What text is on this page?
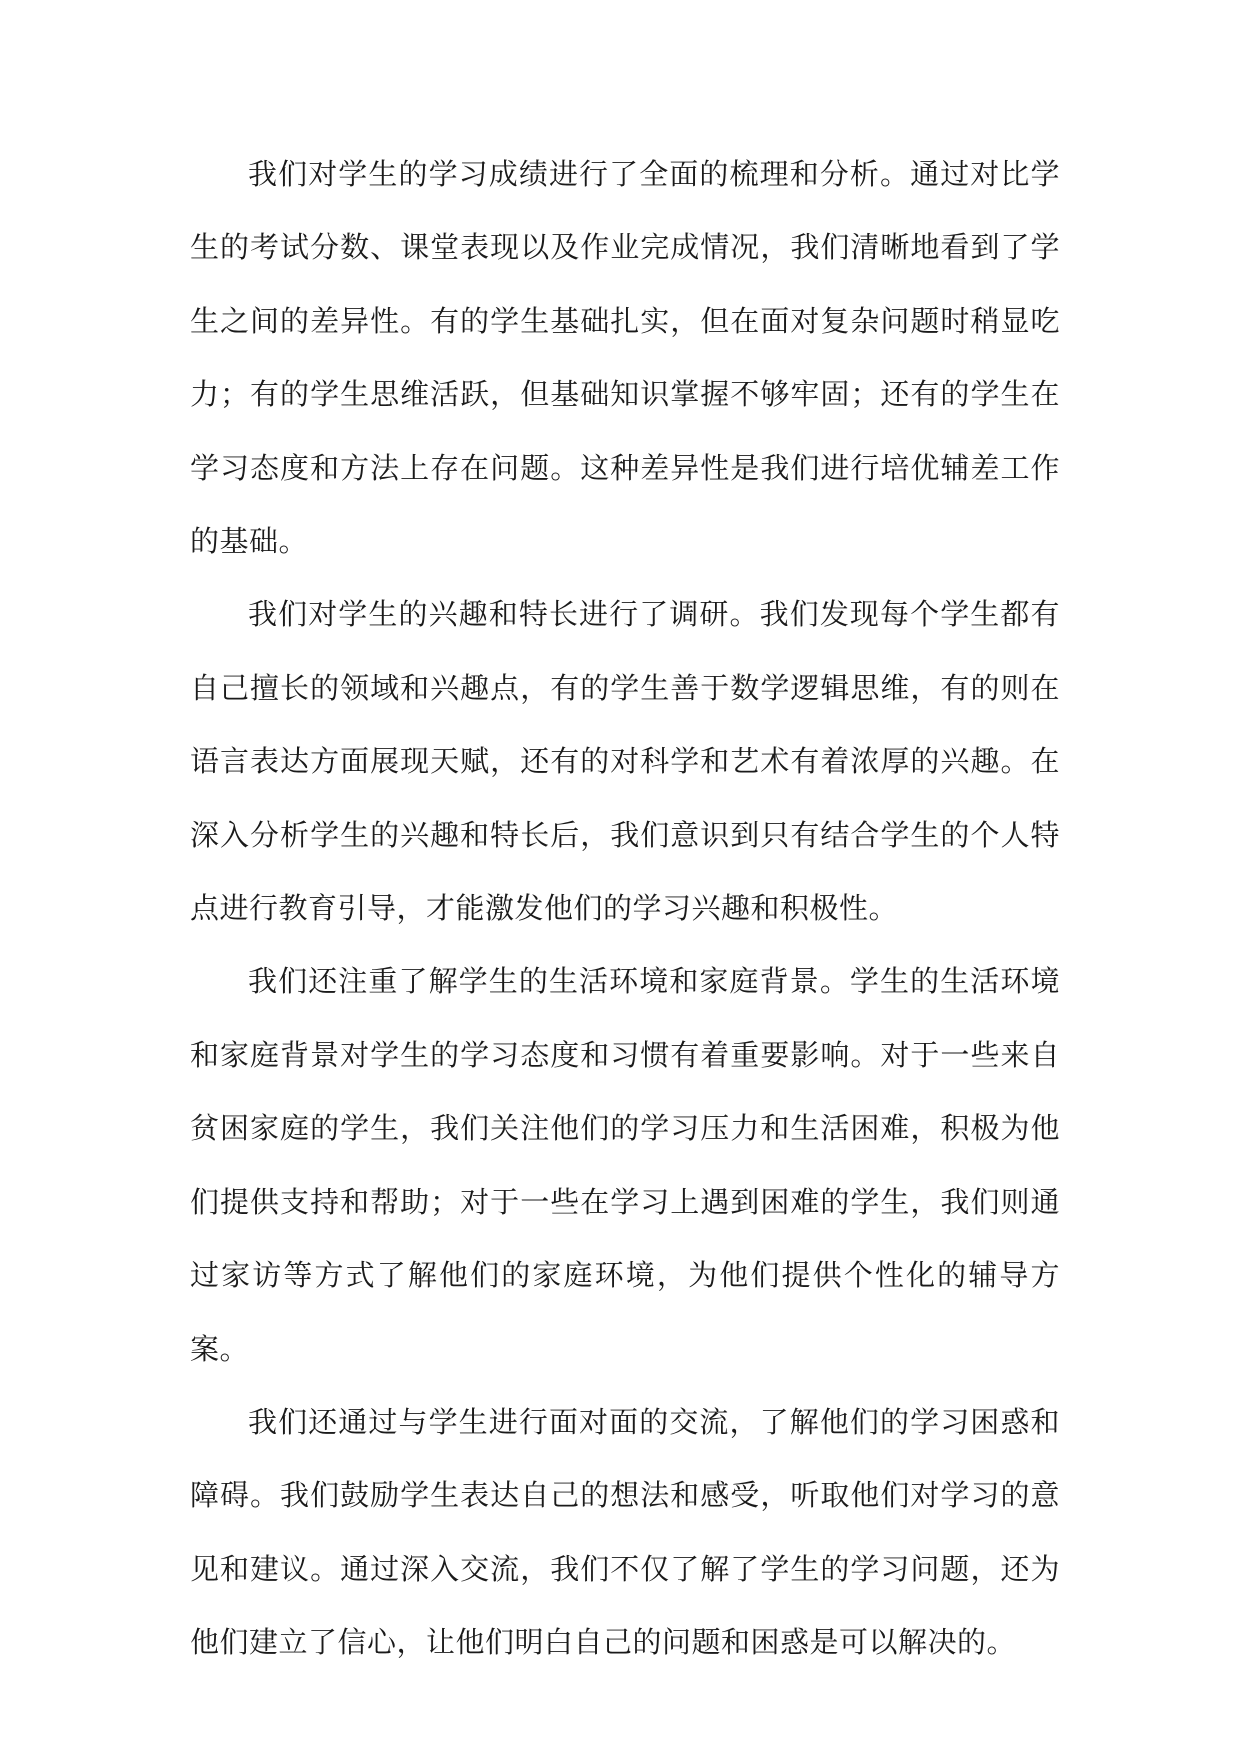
我们对学生的学习成绩进行了全面的梳理和分析。通过对比学生的考试分数、课堂表现以及作业完成情况，我们清晰地看到了学生之间的差异性。有的学生基础扎实，但在面对复杂问题时稍显吃力；有的学生思维活跃，但基础知识掌握不够牢固；还有的学生在学习态度和方法上存在问题。这种差异性是我们进行培优辅差工作的基础。

我们对学生的兴趣和特长进行了调研。我们发现每个学生都有自己擅长的领域和兴趣点，有的学生善于数学逻辑思维，有的则在语言表达方面展现天赋，还有的对科学和艺术有着浓厚的兴趣。在深入分析学生的兴趣和特长后，我们意识到只有结合学生的个人特点进行教育引导，才能激发他们的学习兴趣和积极性。

我们还注重了解学生的生活环境和家庭背景。学生的生活环境和家庭背景对学生的学习态度和习惯有着重要影响。对于一些来自贫困家庭的学生，我们关注他们的学习压力和生活困难，积极为他们提供支持和帮助；对于一些在学习上遇到困难的学生，我们则通过家访等方式了解他们的家庭环境，为他们提供个性化的辅导方案。

我们还通过与学生进行面对面的交流，了解他们的学习困惑和障碍。我们鼓励学生表达自己的想法和感受，听取他们对学习的意见和建议。通过深入交流，我们不仅了解了学生的学习问题，还为他们建立了信心，让他们明白自己的问题和困惑是可以解决的。
